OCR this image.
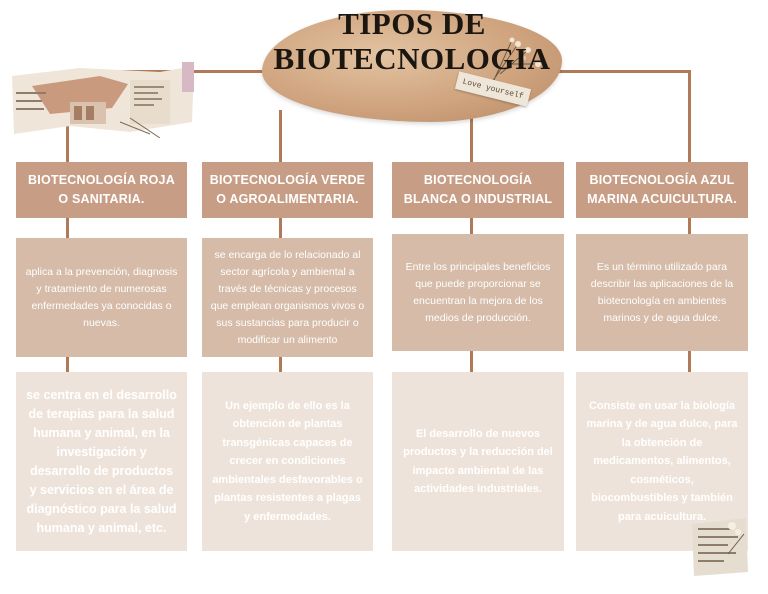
TIPOS DE
BIOTECNOLOGIA
Love yourself
BIOTECNOLOGÍA ROJA O SANITARIA.
aplica a la prevención, diagnosis y tratamiento de numerosas enfermedades ya conocidas o nuevas.
se centra en el desarrollo de terapias para la salud humana y animal, en la investigación y desarrollo de productos y servicios en el área de diagnóstico para la salud humana y animal, etc.
BIOTECNOLOGÍA VERDE O AGROALIMENTARIA.
se encarga de lo relacionado al sector agrícola y ambiental a través de técnicas y procesos que emplean organismos vivos o sus sustancias para producir o modificar un alimento
Un ejemplo de ello es la obtención de plantas transgénicas capaces de crecer en condiciones ambientales desfavorables o plantas resistentes a plagas y enfermedades.
BIOTECNOLOGÍA BLANCA O INDUSTRIAL
Entre los principales beneficios que puede proporcionar se encuentran la mejora de los medios de producción.
El desarrollo de nuevos productos y la reducción del impacto ambiental de las actividades industriales.
BIOTECNOLOGÍA AZUL MARINA ACUICULTURA.
Es un término utilizado para describir las aplicaciones de la biotecnología en ambientes marinos y de agua dulce.
Consiste en usar la biología marina y de agua dulce, para la obtención de medicamentos, alimentos, cosméticos, biocombustibles y también para acuicultura.
